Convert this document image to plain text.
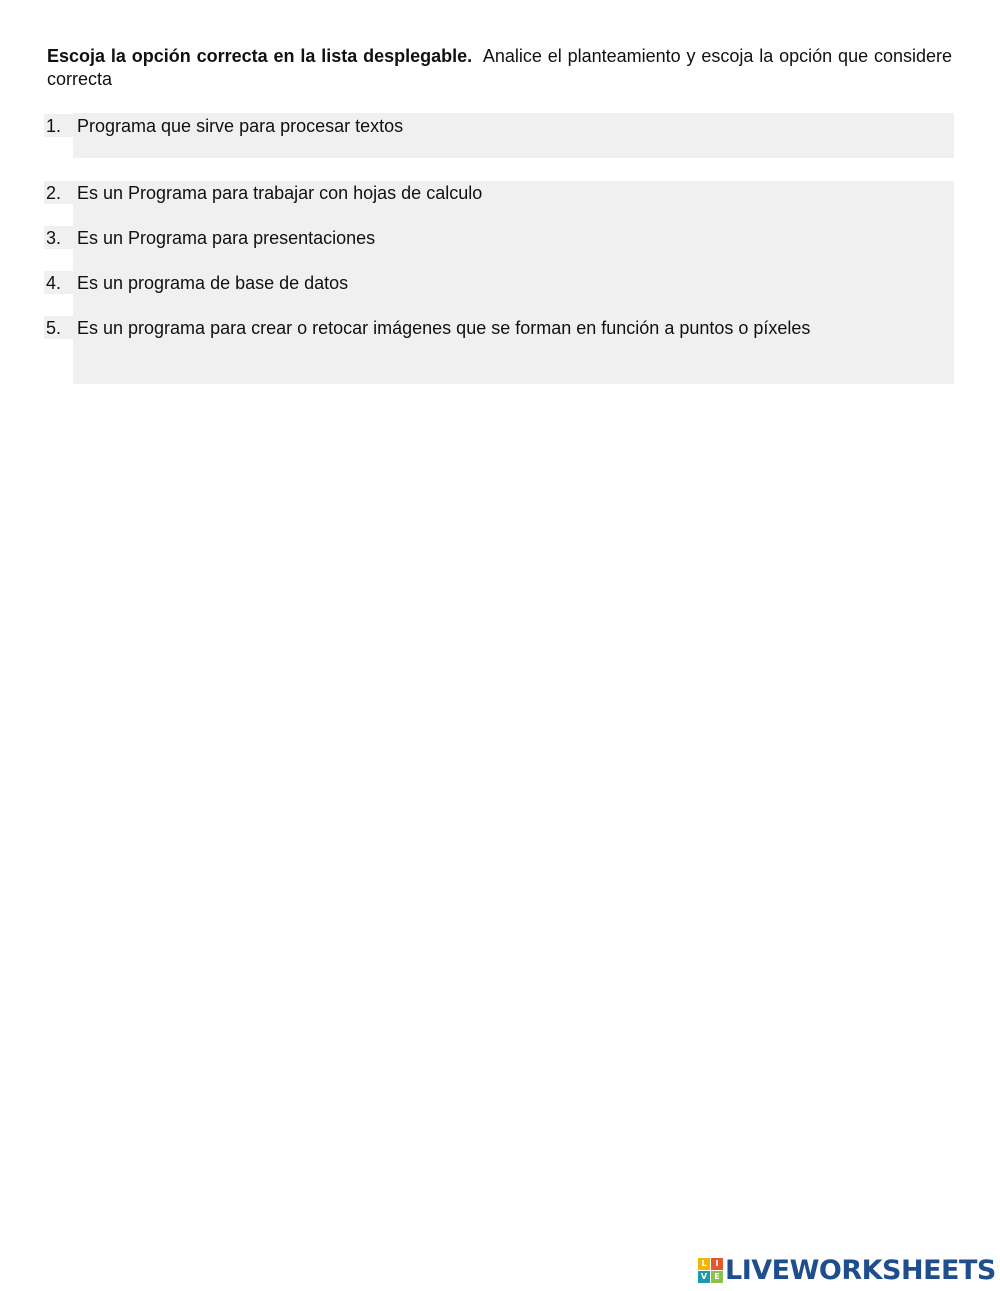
Escoja la opción correcta en la lista desplegable. Analice el planteamiento y escoja la opción que considere correcta

1. Programa que sirve para procesar textos
2. Es un Programa para trabajar con hojas de calculo
3. Es un Programa para presentaciones
4. Es un programa de base de datos
5. Es un programa para crear o retocar imágenes que se forman en función a puntos o píxeles
L	I
V E LIVEWORKSHEETS
